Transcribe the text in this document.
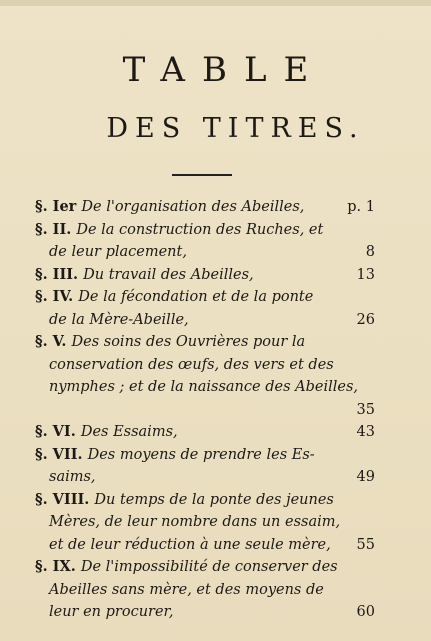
TABLE
DES TITRES.
§. Ier De l'organisation des Abeilles,	p. 1
§. II. De la construction des Ruches, et
de leur placement,	8
§. III. Du travail des Abeilles,	13
§. IV. De la fécondation et de la ponte
de la Mère-Abeille,	26
§. V. Des soins des Ouvrières pour la
conservation des œufs, des vers et des
nymphes ; et de la naissance des Abeilles,
35
§. VI. Des Essaims,	43
§. VII. Des moyens de prendre les Es-
saims,	49
§. VIII. Du temps de la ponte des jeunes
Mères, de leur nombre dans un essaim,
et de leur réduction à une seule mère, 55
§. IX. De l'impossibilité de conserver des
Abeilles sans mère, et des moyens de
leur en procurer,	60
